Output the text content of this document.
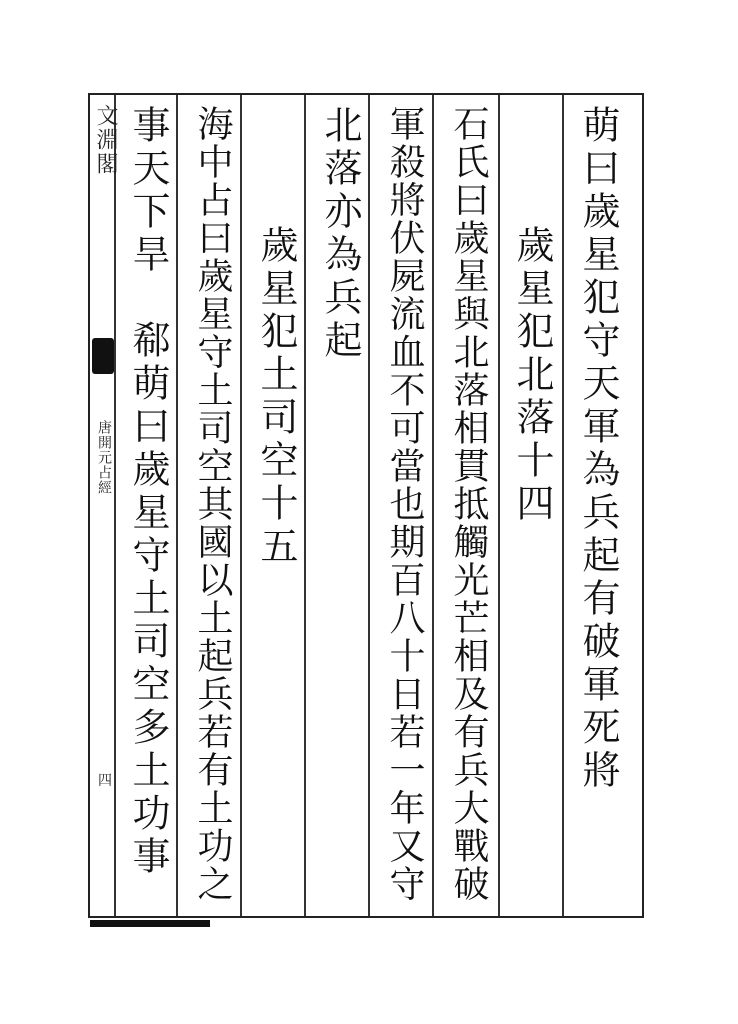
文淵閣
唐開元占經
四	萌曰歲星犯守天軍為兵起有破軍死將
歲星犯北落十四
石氏曰歲星與北落相貫抵觸光芒相及有兵大戰破
軍殺將伏屍流血不可當也期百八十日若一年又守
北落亦為兵起
歲星犯土司空十五
海中占曰歲星守土司空其國以土起兵若有土功之
事天下旱　郗萌曰歲星守土司空多土功事
